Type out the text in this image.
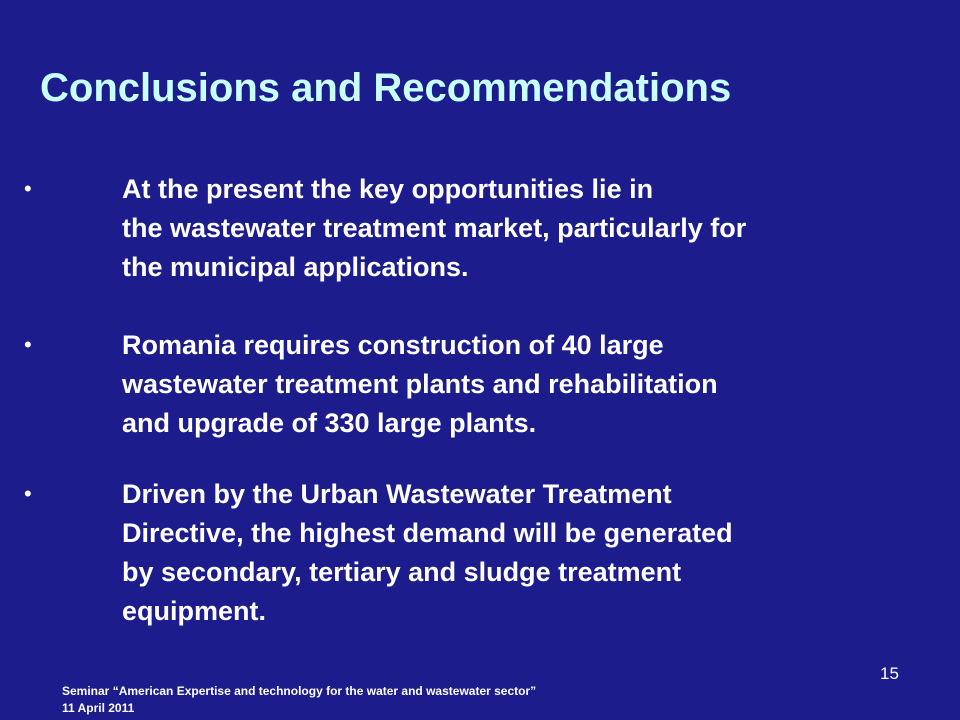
Conclusions and Recommendations
•	At the present the key opportunities lie in
the wastewater treatment market, particularly for
the municipal applications.
•	Romania requires construction of 40 large
wastewater treatment plants and rehabilitation
and upgrade of 330 large plants.
•	Driven by the Urban Wastewater Treatment
Directive, the highest demand will be generated
by secondary, tertiary and sludge treatment
equipment.
15
Seminar “American Expertise and technology for the water and wastewater sector”
11 April 2011
